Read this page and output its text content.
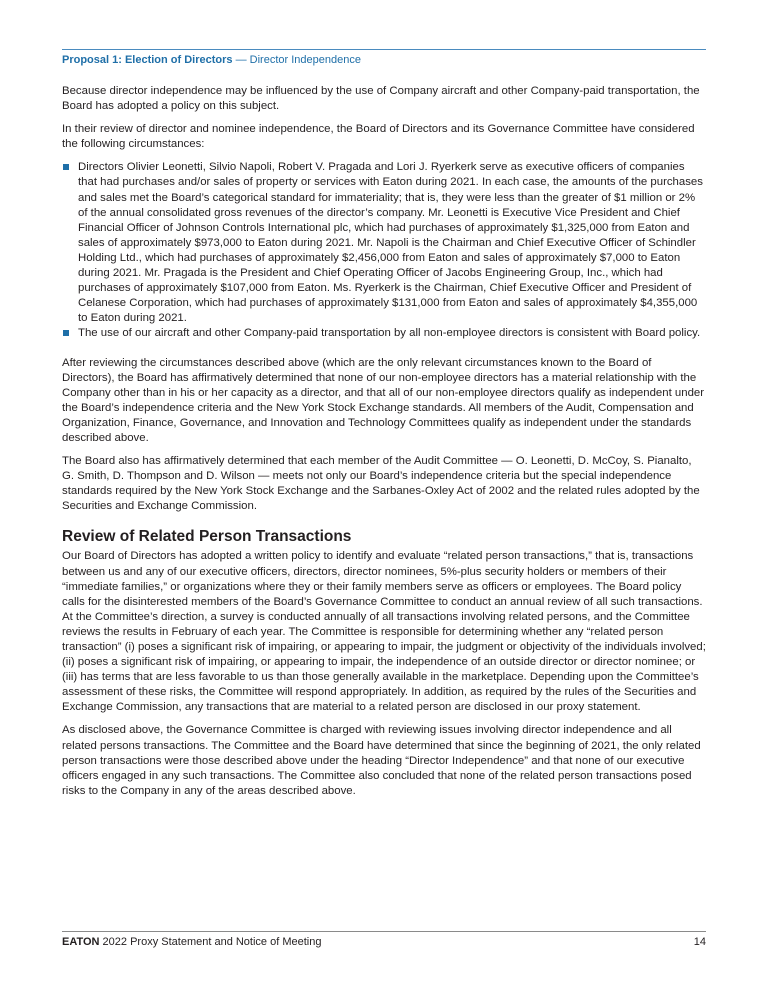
Proposal 1: Election of Directors — Director Independence

Because director independence may be influenced by the use of Company aircraft and other Company-paid transportation, the Board has adopted a policy on this subject.

In their review of director and nominee independence, the Board of Directors and its Governance Committee have considered the following circumstances:

Directors Olivier Leonetti, Silvio Napoli, Robert V. Pragada and Lori J. Ryerkerk serve as executive officers of companies that had purchases and/or sales of property or services with Eaton during 2021. In each case, the amounts of the purchases and sales met the Board’s categorical standard for immateriality; that is, they were less than the greater of $1 million or 2% of the annual consolidated gross revenues of the director’s company. Mr. Leonetti is Executive Vice President and Chief Financial Officer of Johnson Controls International plc, which had purchases of approximately $1,325,000 from Eaton and sales of approximately $973,000 to Eaton during 2021. Mr. Napoli is the Chairman and Chief Executive Officer of Schindler Holding Ltd., which had purchases of approximately $2,456,000 from Eaton and sales of approximately $7,000 to Eaton during 2021. Mr. Pragada is the President and Chief Operating Officer of Jacobs Engineering Group, Inc., which had purchases of approximately $107,000 from Eaton. Ms. Ryerkerk is the Chairman, Chief Executive Officer and President of Celanese Corporation, which had purchases of approximately $131,000 from Eaton and sales of approximately $4,355,000 to Eaton during 2021.
The use of our aircraft and other Company-paid transportation by all non-employee directors is consistent with Board policy.

After reviewing the circumstances described above (which are the only relevant circumstances known to the Board of Directors), the Board has affirmatively determined that none of our non-employee directors has a material relationship with the Company other than in his or her capacity as a director, and that all of our non-employee directors qualify as independent under the Board’s independence criteria and the New York Stock Exchange standards. All members of the Audit, Compensation and Organization, Finance, Governance, and Innovation and Technology Committees qualify as independent under the standards described above.

The Board also has affirmatively determined that each member of the Audit Committee — O. Leonetti, D. McCoy, S. Pianalto, G. Smith, D. Thompson and D. Wilson — meets not only our Board’s independence criteria but the special independence standards required by the New York Stock Exchange and the Sarbanes-Oxley Act of 2002 and the related rules adopted by the Securities and Exchange Commission.

Review of Related Person Transactions

Our Board of Directors has adopted a written policy to identify and evaluate “related person transactions,” that is, transactions between us and any of our executive officers, directors, director nominees, 5%-plus security holders or members of their “immediate families,” or organizations where they or their family members serve as officers or employees. The Board policy calls for the disinterested members of the Board’s Governance Committee to conduct an annual review of all such transactions. At the Committee’s direction, a survey is conducted annually of all transactions involving related persons, and the Committee reviews the results in February of each year. The Committee is responsible for determining whether any “related person transaction” (i) poses a significant risk of impairing, or appearing to impair, the judgment or objectivity of the individuals involved; (ii) poses a significant risk of impairing, or appearing to impair, the independence of an outside director or director nominee; or (iii) has terms that are less favorable to us than those generally available in the marketplace. Depending upon the Committee’s assessment of these risks, the Committee will respond appropriately. In addition, as required by the rules of the Securities and Exchange Commission, any transactions that are material to a related person are disclosed in our proxy statement.

As disclosed above, the Governance Committee is charged with reviewing issues involving director independence and all related persons transactions. The Committee and the Board have determined that since the beginning of 2021, the only related person transactions were those described above under the heading “Director Independence” and that none of our executive officers engaged in any such transactions. The Committee also concluded that none of the related person transactions posed risks to the Company in any of the areas described above.

EATON 2022 Proxy Statement and Notice of Meeting	14
